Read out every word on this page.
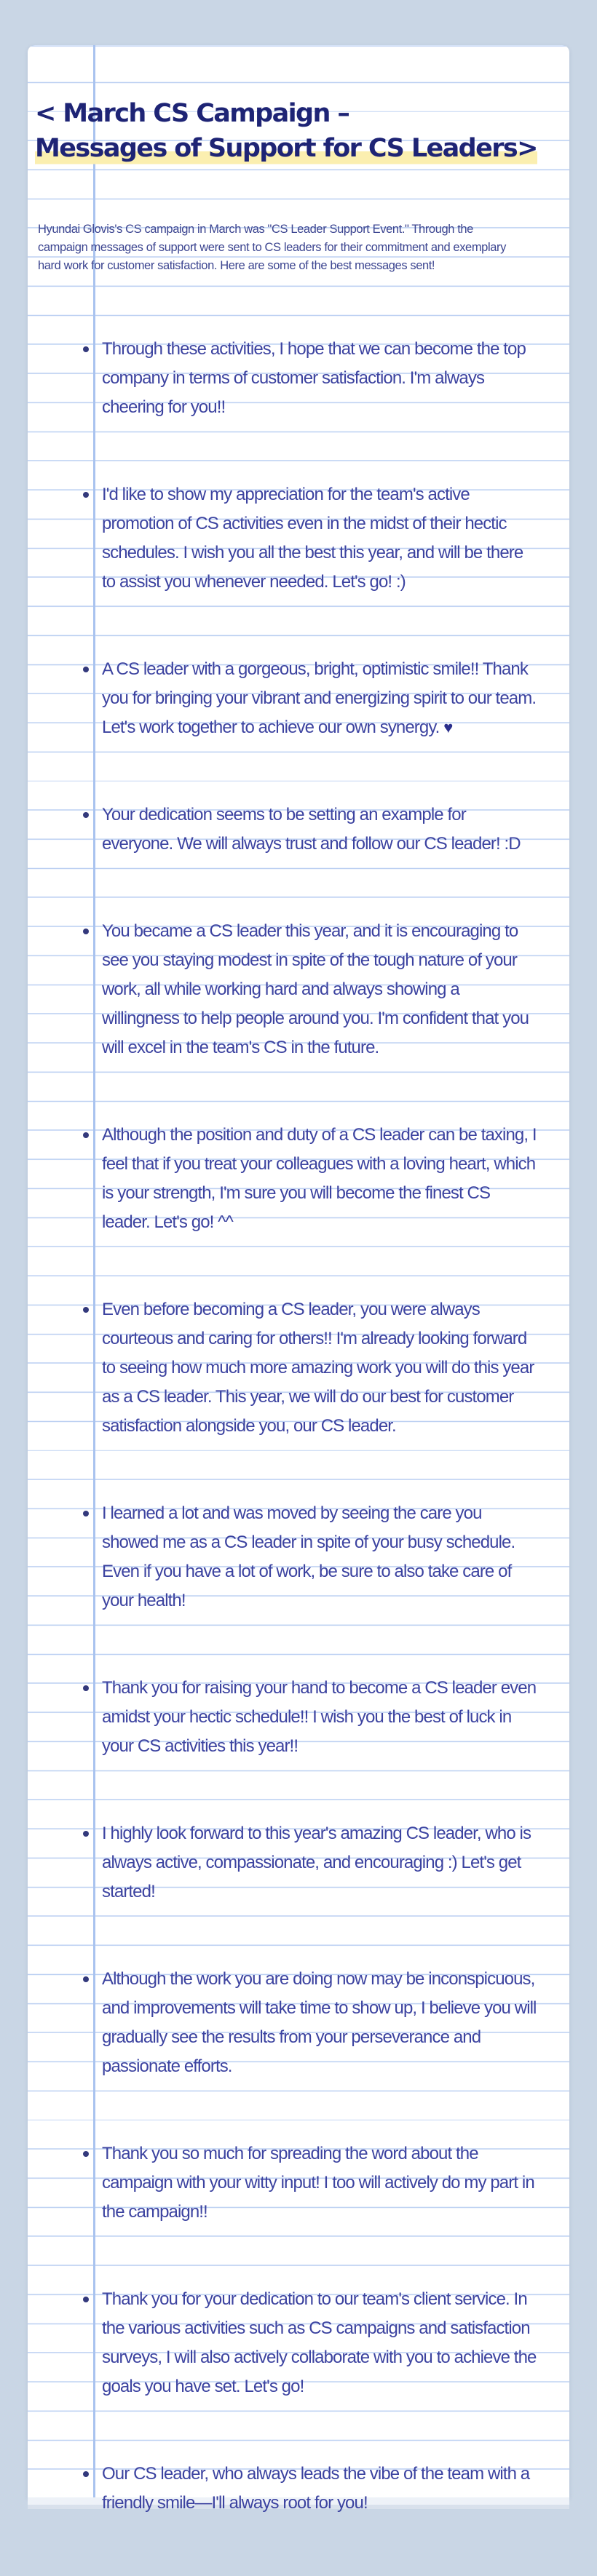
< March CS Campaign –
Messages of Support for CS Leaders>

Hyundai Glovis's CS campaign in March was "CS Leader Support Event." Through the campaign messages of support were sent to CS leaders for their commitment and exemplary hard work for customer satisfaction. Here are some of the best messages sent!

Through these activities, I hope that we can become the top company in terms of customer satisfaction. I'm always cheering for you!!
I'd like to show my appreciation for the team's active promotion of CS activities even in the midst of their hectic schedules. I wish you all the best this year, and will be there to assist you whenever needed. Let's go! :)
A CS leader with a gorgeous, bright, optimistic smile!! Thank you for bringing your vibrant and energizing spirit to our team. Let's work together to achieve our own synergy. ♥
Your dedication seems to be setting an example for everyone. We will always trust and follow our CS leader! :D
You became a CS leader this year, and it is encouraging to see you staying modest in spite of the tough nature of your work, all while working hard and always showing a willingness to help people around you. I'm confident that you will excel in the team's CS in the future.
Although the position and duty of a CS leader can be taxing, I feel that if you treat your colleagues with a loving heart, which is your strength, I'm sure you will become the finest CS leader. Let's go! ^^
Even before becoming a CS leader, you were always courteous and caring for others!! I'm already looking forward to seeing how much more amazing work you will do this year as a CS leader. This year, we will do our best for customer satisfaction alongside you, our CS leader.
I learned a lot and was moved by seeing the care you showed me as a CS leader in spite of your busy schedule. Even if you have a lot of work, be sure to also take care of your health!
Thank you for raising your hand to become a CS leader even amidst your hectic schedule!! I wish you the best of luck in your CS activities this year!!
I highly look forward to this year's amazing CS leader, who is always active, compassionate, and encouraging :) Let's get started!
Although the work you are doing now may be inconspicuous, and improvements will take time to show up, I believe you will gradually see the results from your perseverance and passionate efforts.
Thank you so much for spreading the word about the campaign with your witty input! I too will actively do my part in the campaign!!
Thank you for your dedication to our team's client service. In the various activities such as CS campaigns and satisfaction surveys, I will also actively collaborate with you to achieve the goals you have set. Let's go!
Our CS leader, who always leads the vibe of the team with a friendly smile—I'll always root for you!
